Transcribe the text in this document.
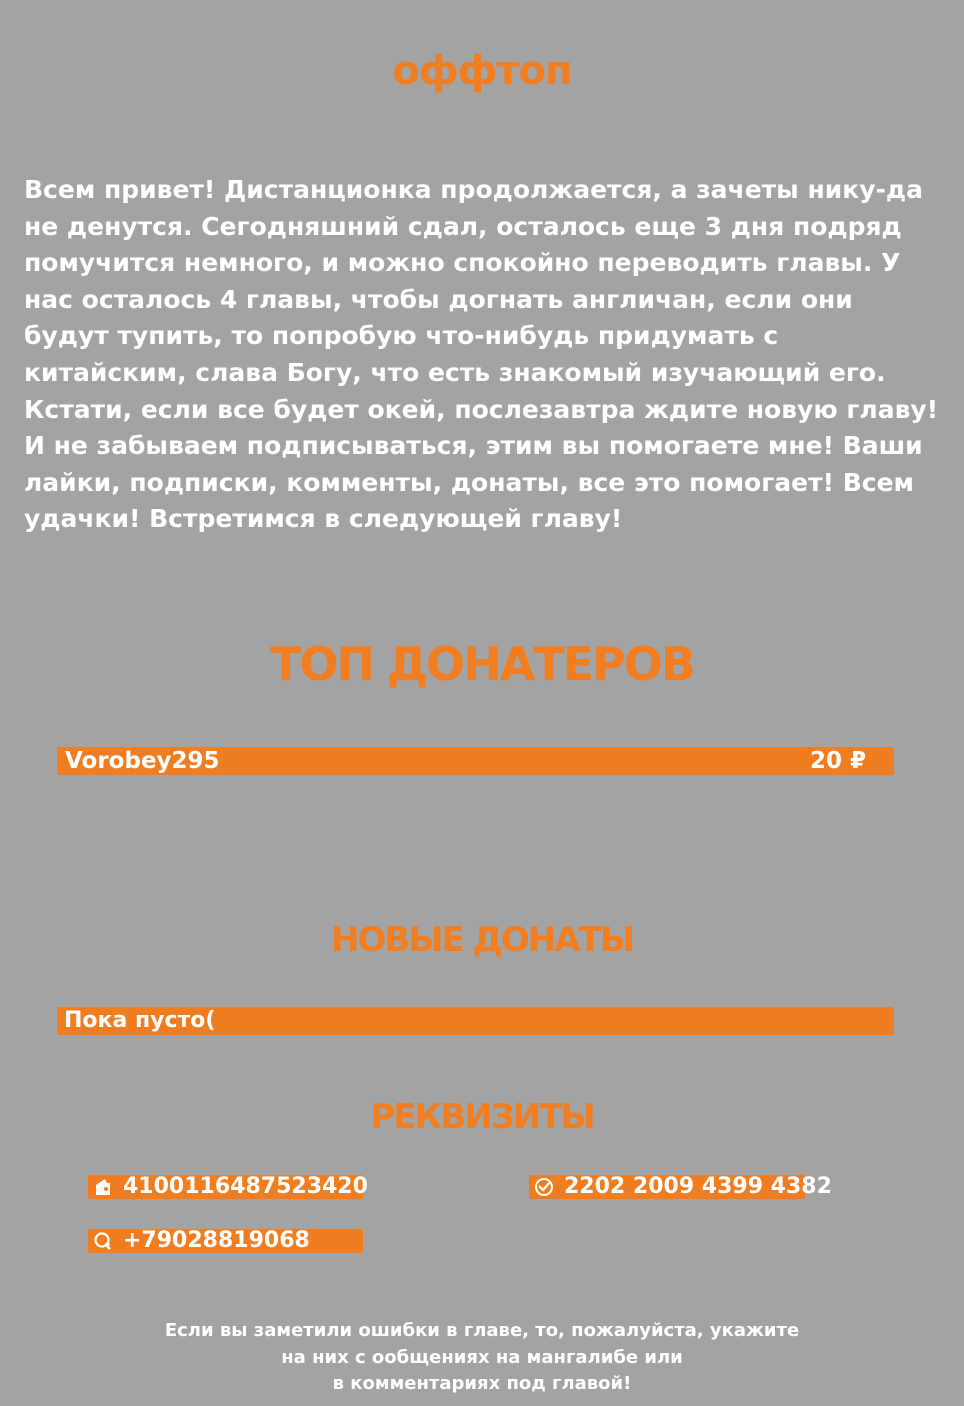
оффтоп

Всем привет! Дистанционка продолжается, а зачеты нику-да не денутся. Сегодняшний сдал, осталось еще 3 дня подряд помучится немного, и можно спокойно переводить главы. У нас осталось 4 главы, чтобы догнать англичан, если они будут тупить, то попробую что-нибудь придумать с китайским, слава Богу, что есть знакомый изучающий его. Кстати, если все будет окей, послезавтра ждите новую главу! И не забываем подписываться, этим вы помогаете мне! Ваши лайки, подписки, комменты, донаты, все это помогает! Всем удачки! Встретимся в следующей главу!

ТОП ДОНАТЕРОВ
Vorobey295	20 ₽
НОВЫЕ ДОНАТЫ
Пока пусто(
РЕКВИЗИТЫ
4100116487523420	2202 2009 4399 4382
+79028819068
Если вы заметили ошибки в главе, то, пожалуйста, укажите
на них с ообщениях на мангалибе или
в комментариях под главой!
